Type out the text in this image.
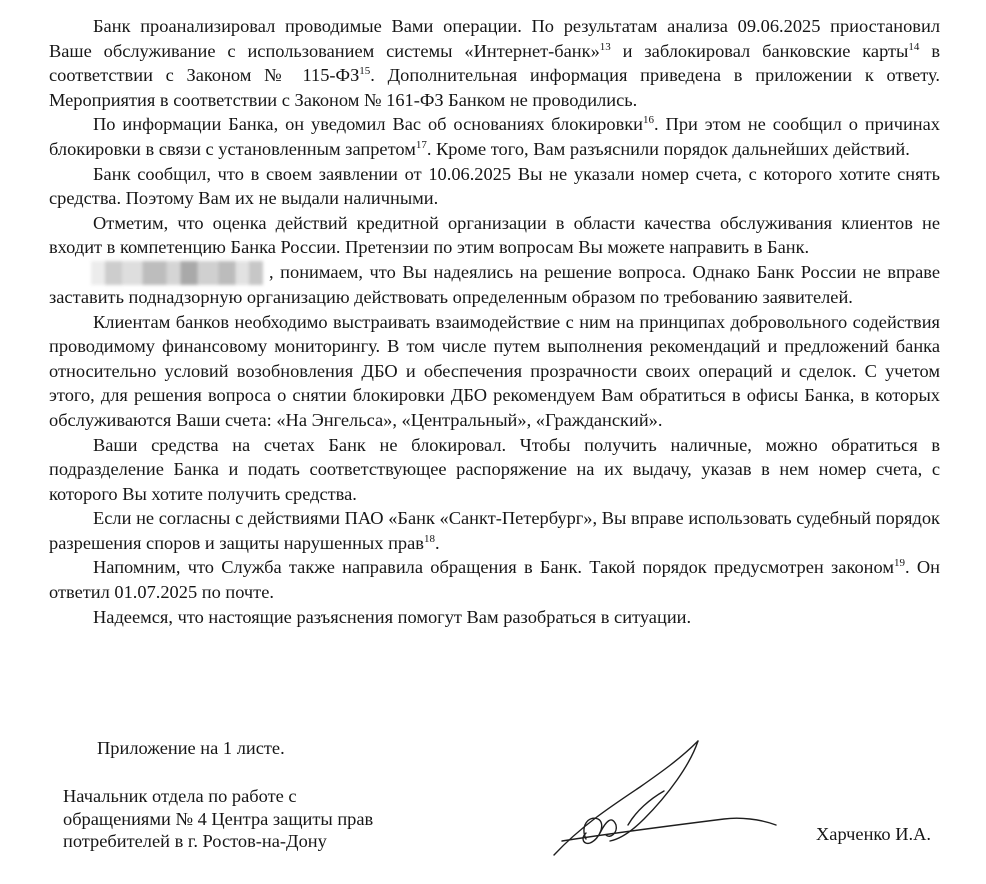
Банк проанализировал проводимые Вами операции. По результатам анализа 09.06.2025 приостановил Ваше обслуживание с использованием системы «Интернет-банк»$^{13}$ и заблокировал банковские карты$^{14}$ в соответствии с Законом № 115-ФЗ$^{15}$. Дополнительная информация приведена в приложении к ответу. Мероприятия в соответствии с Законом № 161-ФЗ Банком не проводились.

По информации Банка, он уведомил Вас об основаниях блокировки$^{16}$. При этом не сообщил о причинах блокировки в связи с установленным запретом$^{17}$. Кроме того, Вам разъяснили порядок дальнейших действий.

Банк сообщил, что в своем заявлении от 10.06.2025 Вы не указали номер счета, с которого хотите снять средства. Поэтому Вам их не выдали наличными.

Отметим, что оценка действий кредитной организации в области качества обслуживания клиентов не входит в компетенцию Банка России. Претензии по этим вопросам Вы можете направить в Банк.

, понимаем, что Вы надеялись на решение вопроса. Однако Банк России не вправе заставить поднадзорную организацию действовать определенным образом по требованию заявителей.

Клиентам банков необходимо выстраивать взаимодействие с ним на принципах добровольного содействия проводимому финансовому мониторингу. В том числе путем выполнения рекомендаций и предложений банка относительно условий возобновления ДБО и обеспечения прозрачности своих операций и сделок. С учетом этого, для решения вопроса о снятии блокировки ДБО рекомендуем Вам обратиться в офисы Банка, в которых обслуживаются Ваши счета: «На Энгельса», «Центральный», «Гражданский».

Ваши средства на счетах Банк не блокировал. Чтобы получить наличные, можно обратиться в подразделение Банка и подать соответствующее распоряжение на их выдачу, указав в нем номер счета, с которого Вы хотите получить средства.

Если не согласны с действиями ПАО «Банк «Санкт-Петербург», Вы вправе использовать судебный порядок разрешения споров и защиты нарушенных прав$^{18}$.

Напомним, что Служба также направила обращения в Банк. Такой порядок предусмотрен законом$^{19}$. Он ответил 01.07.2025 по почте.

Надеемся, что настоящие разъяснения помогут Вам разобраться в ситуации.

Приложение на 1 листе.
Начальник отдела по работе с
обращениями № 4 Центра защиты прав
потребителей в г. Ростов-на-Дону	Харченко И.А.
